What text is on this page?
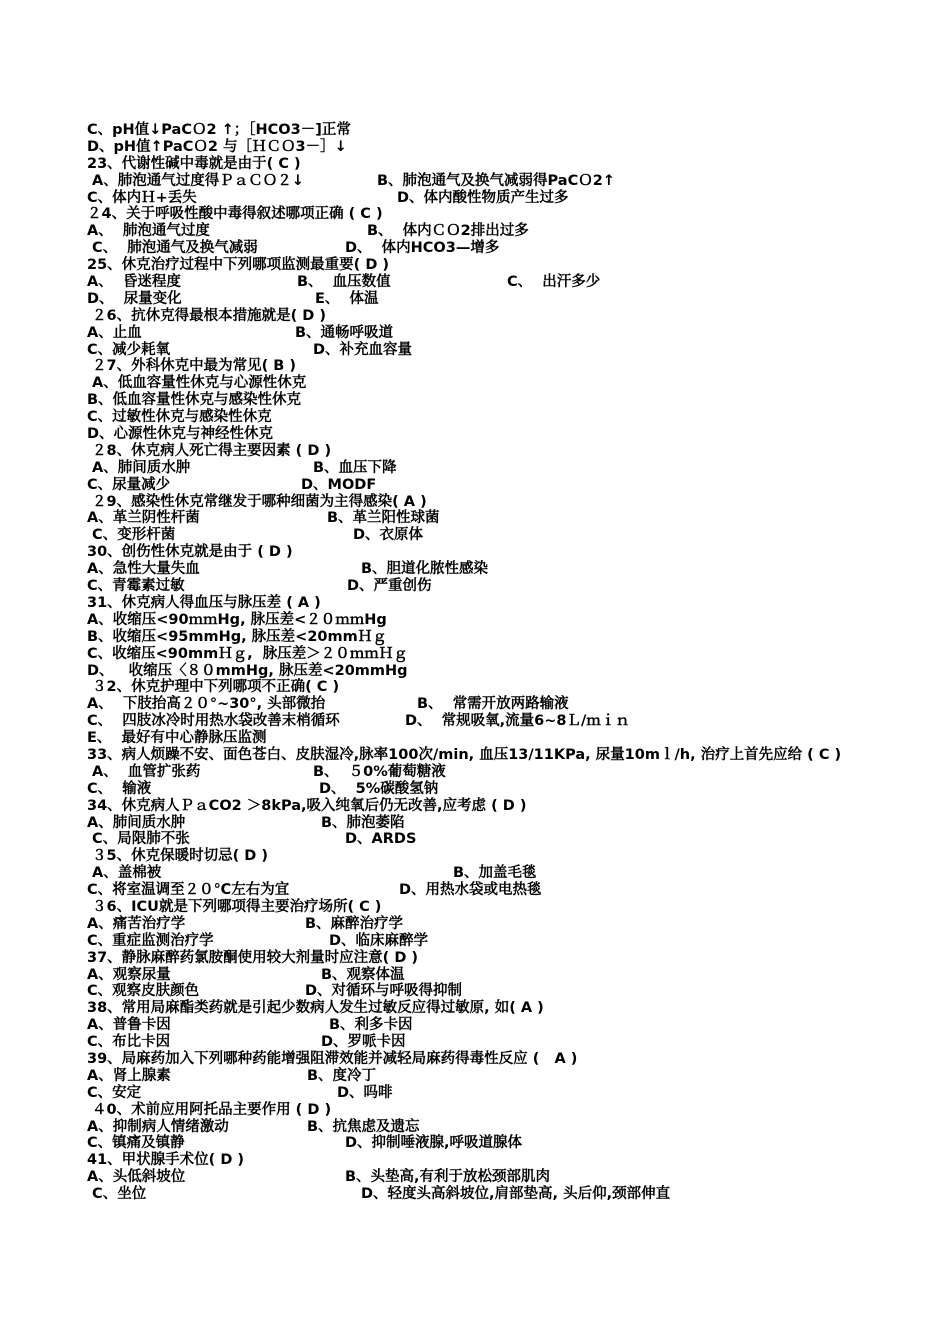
C、pH值↓PaCＯ2 ↑；［HCO3－]正常
D、pH值↑PaCＯ2 与［ＨＣＯ3－］↓
23、代谢性碱中毒就是由于( C )
A、肺泡通气过度得ＰａＣＯ２↓	B、肺泡通气及换气减弱得PaCＯ2↑
C、体内Ｈ+丢失	D、体内酸性物质产生过多
２4、关于呼吸性酸中毒得叙述哪项正确 ( C )
A、  肺泡通气过度	B、  体内ＣＯ2排出过多
C、  肺泡通气及换气减弱	D、  体内HCO3—增多
25、休克治疗过程中下列哪项监测最重要( D )
A、  昏迷程度	B、  血压数值	C、  出汗多少
D、  尿量变化	E、  体温
２6、抗休克得最根本措施就是( D )
A、止血	B、通畅呼吸道
C、减少耗氧	D、补充血容量
２7、外科休克中最为常见( B )
A、低血容量性休克与心源性休克
B、低血容量性休克与感染性休克
C、过敏性休克与感染性休克
D、心源性休克与神经性休克
２8、休克病人死亡得主要因素 ( D )
A、肺间质水肿	B、血压下降
C、尿量减少	D、MODF
２9、感染性休克常继发于哪种细菌为主得感染( A )
A、革兰阴性杆菌	B、革兰阳性球菌
C、变形杆菌	D、衣原体
30、创伤性休克就是由于 ( D )
A、急性大量失血	B、胆道化脓性感染
C、青霉素过敏	D、严重创伤
31、休克病人得血压与脉压差 ( A )
A、收缩压<90ｍｍHg, 脉压差<２０ｍｍHg
B、收缩压<95mmHg, 脉压差<20mmＨｇ
C、收缩压<90mmＨｇ,  脉压差＞２０ｍｍＨｇ
D、   收缩压〈８０mmHg, 脉压差<20mmHg
３2、休克护理中下列哪项不正确( C )
A、  下肢抬高２０°~30°, 头部微抬	B、  常需开放两路输液
C、  四肢冰冷时用热水袋改善末梢循环	D、  常规吸氧,流量6~8Ｌ/ｍｉｎ
E、  最好有中心静脉压监测
33、病人烦躁不安、面色苍白、皮肤湿冷,脉率100次/min, 血压13/11KPa, 尿量10mｌ/h, 治疗上首先应给 ( C )
A、  血管扩张药	B、  ５0%葡萄糖液
C、  输液	D、  5%碳酸氢钠
34、休克病人ＰａCO2 ＞8kPa,吸入纯氧后仍无改善,应考虑 ( D )
A、肺间质水肿	B、肺泡萎陷
C、局限肺不张	D、ARDS
３5、休克保暖时切忌( D )
A、盖棉被	B、加盖毛毯
C、将室温调至２０℃左右为宜	D、用热水袋或电热毯
３6、ICU就是下列哪项得主要治疗场所( C )
A、痛苦治疗学	B、麻醉治疗学
C、重症监测治疗学	D、临床麻醉学
37、静脉麻醉药氯胺酮使用较大剂量时应注意( D )
A、观察尿量	B、观察体温
C、观察皮肤颜色	D、对循环与呼吸得抑制
38、常用局麻酯类药就是引起少数病人发生过敏反应得过敏原, 如( A )
A、普鲁卡因	B、利多卡因
C、布比卡因	D、罗哌卡因
39、局麻药加入下列哪种药能增强阻滞效能并减轻局麻药得毒性反应 (   A )
A、肾上腺素	B、度冷丁
C、安定	D、吗啡
４0、术前应用阿托品主要作用 ( D )
A、抑制病人情绪激动	B、抗焦虑及遗忘
C、镇痛及镇静	D、抑制唾液腺,呼吸道腺体
41、甲状腺手术位( D )
A、头低斜坡位	B、头垫高,有利于放松颈部肌肉
C、坐位	D、轻度头高斜坡位,肩部垫高, 头后仰,颈部伸直
